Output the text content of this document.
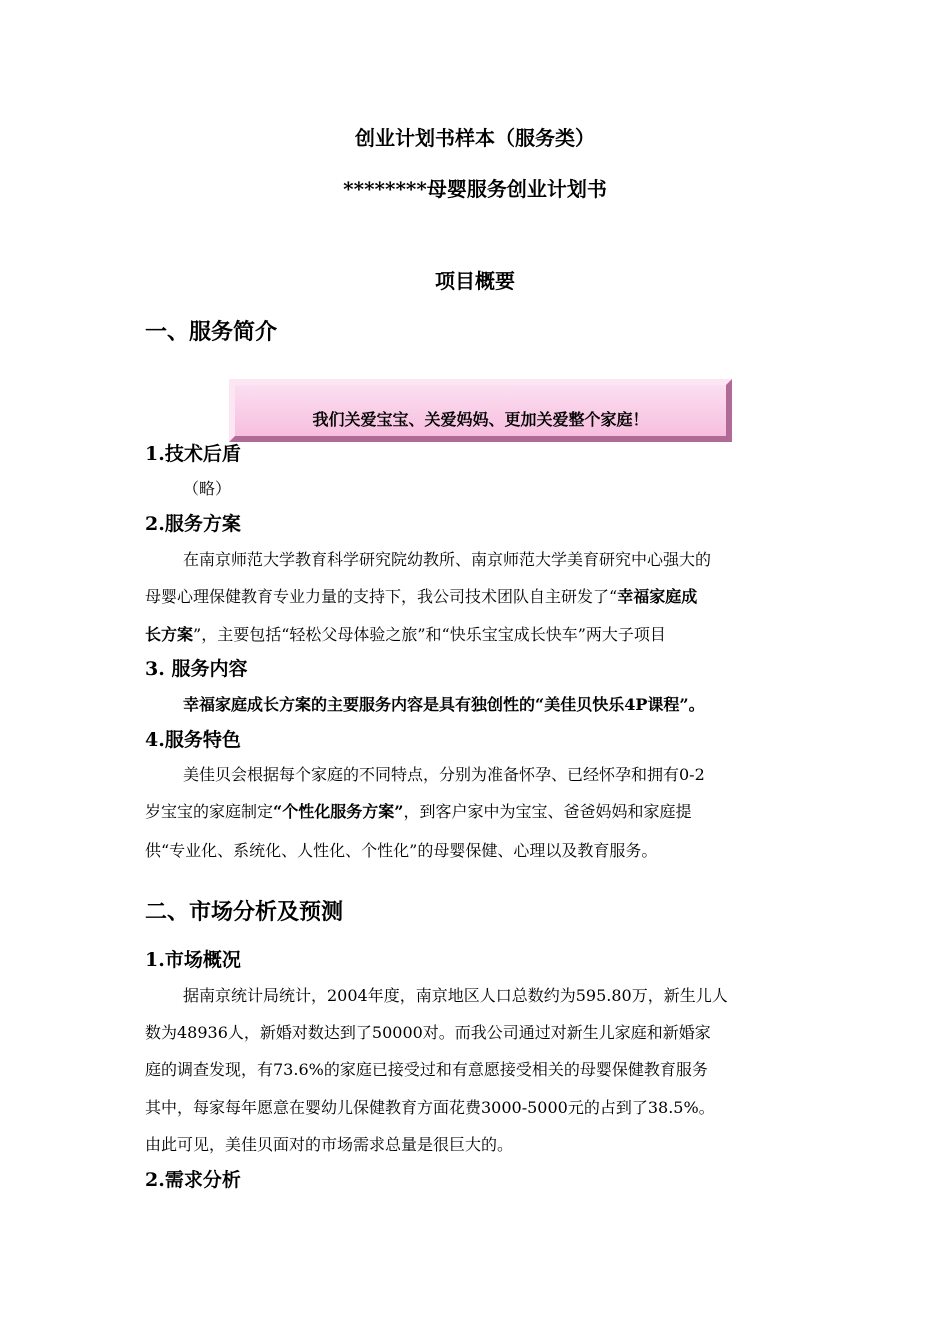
创业计划书样本（服务类）
********母婴服务创业计划书
项目概要
一、服务简介
我们关爱宝宝、关爱妈妈、更加关爱整个家庭！
1.技术后盾
（略）
2.服务方案
在南京师范大学教育科学研究院幼教所、南京师范大学美育研究中心强大的
母婴心理保健教育专业力量的支持下，我公司技术团队自主研发了“幸福家庭成
长方案”，主要包括“轻松父母体验之旅”和“快乐宝宝成长快车”两大子项目
3. 服务内容
幸福家庭成长方案的主要服务内容是具有独创性的“美佳贝快乐4P课程”。
4.服务特色
美佳贝会根据每个家庭的不同特点，分别为准备怀孕、已经怀孕和拥有0-2
岁宝宝的家庭制定“个性化服务方案”，到客户家中为宝宝、爸爸妈妈和家庭提
供“专业化、系统化、人性化、个性化”的母婴保健、心理以及教育服务。
二、市场分析及预测
1.市场概况
据南京统计局统计，2004年度，南京地区人口总数约为595.80万，新生儿人
数为48936人，新婚对数达到了50000对。而我公司通过对新生儿家庭和新婚家
庭的调查发现，有73.6%的家庭已接受过和有意愿接受相关的母婴保健教育服务
其中，每家每年愿意在婴幼儿保健教育方面花费3000-5000元的占到了38.5%。
由此可见，美佳贝面对的市场需求总量是很巨大的。
2.需求分析
